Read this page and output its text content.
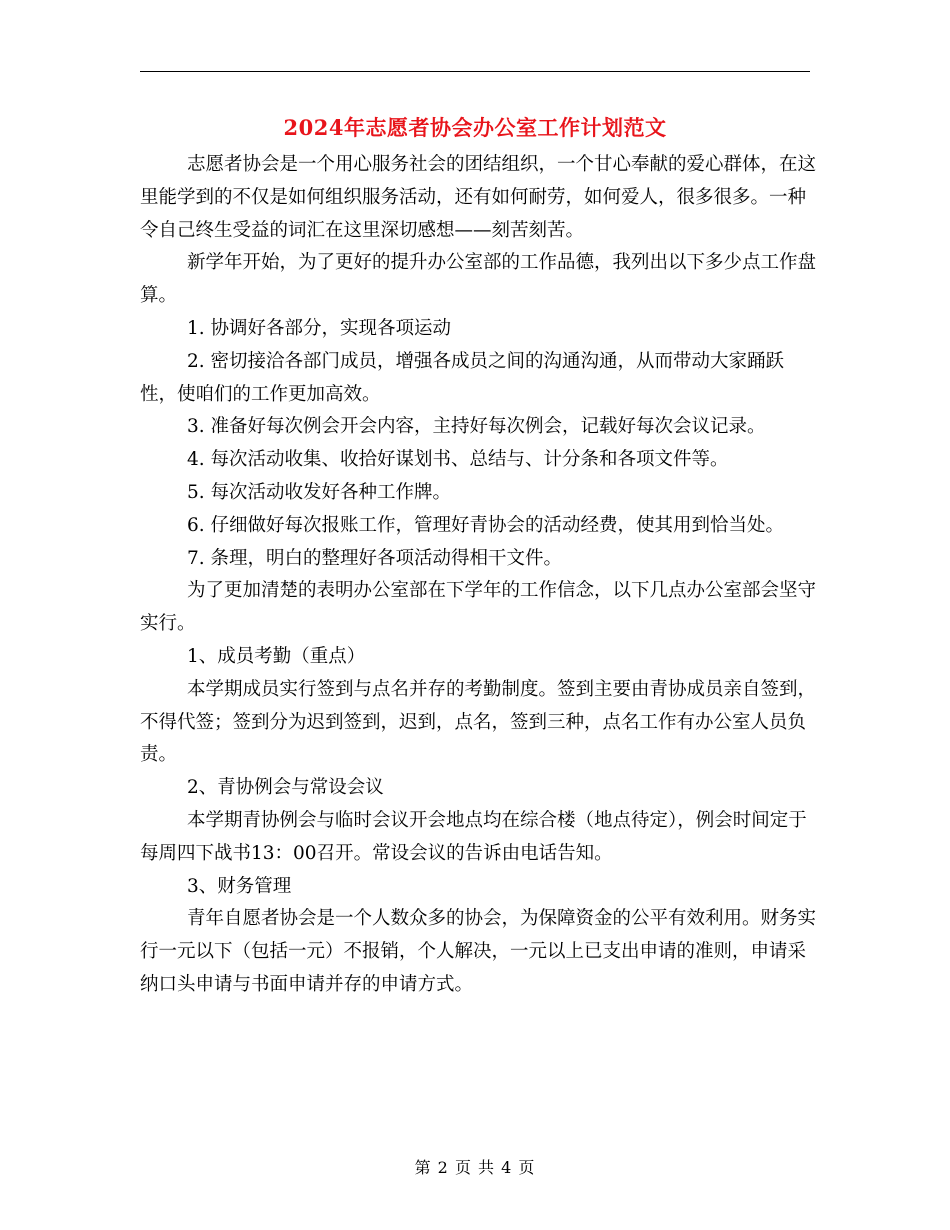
2024年志愿者协会办公室工作计划范文

志愿者协会是一个用心服务社会的团结组织，一个甘心奉献的爱心群体，在这里能学到的不仅是如何组织服务活动，还有如何耐劳，如何爱人，很多很多。一种令自己终生受益的词汇在这里深切感想——刻苦刻苦。

新学年开始，为了更好的提升办公室部的工作品德，我列出以下多少点工作盘算。

1. 协调好各部分，实现各项运动

2. 密切接洽各部门成员，增强各成员之间的沟通沟通，从而带动大家踊跃性，使咱们的工作更加高效。

3. 准备好每次例会开会内容，主持好每次例会，记载好每次会议记录。

4. 每次活动收集、收拾好谋划书、总结与、计分条和各项文件等。

5. 每次活动收发好各种工作牌。

6. 仔细做好每次报账工作，管理好青协会的活动经费，使其用到恰当处。

7. 条理，明白的整理好各项活动得相干文件。

为了更加清楚的表明办公室部在下学年的工作信念，以下几点办公室部会坚守实行。

1、成员考勤（重点）

本学期成员实行签到与点名并存的考勤制度。签到主要由青协成员亲自签到，不得代签；签到分为迟到签到，迟到，点名，签到三种，点名工作有办公室人员负责。

2、青协例会与常设会议

本学期青协例会与临时会议开会地点均在综合楼（地点待定），例会时间定于每周四下战书13：00召开。常设会议的告诉由电话告知。

3、财务管理

青年自愿者协会是一个人数众多的协会，为保障资金的公平有效利用。财务实行一元以下（包括一元）不报销，个人解决，一元以上已支出申请的准则，申请采纳口头申请与书面申请并存的申请方式。

第 2 页 共 4 页
